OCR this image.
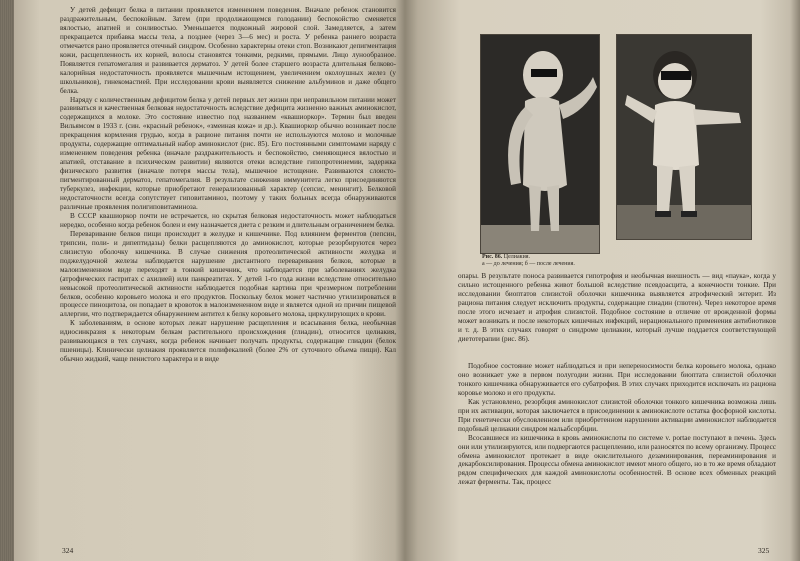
У детей дефицит белка в питании проявляется изменением поведения. Вначале ребенок становится раздражительным, беспокойным. Затем (при продолжающемся голодании) беспокойство сменяется вялостью, апатией и сонливостью. Уменьшается подкожный жировой слой. Замедляется, а затем прекращается прибавка массы тела, а позднее (через 3—6 мес) и роста. У ребенка раннего возраста отмечается рано проявляется отечный синдром. Особенно характерны отеки стоп. Возникают депигментация кожи, расщепленность их корней, волосы становятся тонкими, редкими, прямыми. Лицо лунообразное. Появляется гепатомегалия и развивается дерматоз. У детей более старшего возраста длительная белково-калорийная недостаточность проявляется мышечным истощением, увеличением околоушных желез (у школьников), гинекомастией. При исследовании крови выявляется снижение альбуминов и даже общего белка.

Наряду с количественным дефицитом белка у детей первых лет жизни при неправильном питании может развиваться и качественная белковая недостаточность вследствие дефицита жизненно важных аминокислот, содержащихся в молоке. Это состояние известно под названием «квашиоркор». Термин был введен Вильямсом в 1933 г. (син. «красный ребенок», «змеиная кожа» и др.). Квашиоркор обычно возникает после прекращения кормления грудью, когда в рационе питания почти не используются молоко и молочные продукты, содержащие оптимальный набор аминокислот (рис. 85). Его постоянными симптомами наряду с изменением поведения ребенка (вначале раздражительность и беспокойство, сменяющиеся вялостью и апатией, отставание в психическом развитии) являются отеки вследствие гипопротеинемии, задержка физического развития (вначале потеря массы тела), мышечное истощение. Развиваются слоисто-пигментированный дерматоз, гепатомегалия. В результате снижения иммунитета легко присоединяются туберкулез, инфекции, которые приобретают генерализованный характер (сепсис, менингит). Белковой недостаточности всегда сопутствует гиповитаминоз, поэтому у таких больных всегда обнаруживаются различные проявления полигиповитаминоза.

В СССР квашиоркор почти не встречается, но скрытая белковая недостаточность может наблюдаться нередко, особенно когда ребенок болен и ему назначается диета с резким и длительным ограничением белка.

Переваривание белков пищи происходит в желудке и кишечнике. Под влиянием ферментов (пепсин, трипсин, поли- и дипептидазы) белки расщепляются до аминокислот, которые резорбируются через слизистую оболочку кишечника. В случае снижения протеолитической активности желудка и поджелудочной железы наблюдается нарушение дистантного переваривания белков, которые в малоизмененном виде переходят в тонкий кишечник, что наблюдается при заболеваниях желудка (атрофических гастритах с ахилией) или панкреатитах. У детей 1-го года жизни вследствие относительно невысокой протеолитической активности наблюдается подобная картина при чрезмерном потреблении белков, особенно коровьего молока и его продуктов. Поскольку белок может частично утилизироваться в процессе пиноцитоза, он попадает в кровоток в малоизмененном виде и является одной из причин пищевой аллергии, что подтверждается обнаружением антител к белку коровьего молока, циркулирующих в крови.

К заболеваниям, в основе которых лежат нарушение расщепления и всасывания белка, необычная идиосинкразия к некоторым белкам растительного происхождения (глиадин), относится целиакия, развивающаяся в тех случаях, когда ребенок начинает получать продукты, содержащие глиадин (белок пшеницы). Клинически целиакия проявляется полифекалией (более 2% от суточного объема пищи). Кал обычно жидкий, чаще пенистого характера и в виде

324
Рис. 86. Целиакия.
а — до лечения; б — после лечения.

опары. В результате поноса развивается гипотрофия и необычная внешность — вид «паука», когда у сильно истощенного ребенка живот большой вследствие псевдоасцита, а конечности тонкие. При исследовании биоптатов слизистой оболочки кишечника выявляется атрофический энтерит. Из рациона питания следует исключить продукты, содержащие глиадин (глютен). Через некоторое время после этого исчезает и атрофия слизистой. Подобное состояние в отличие от врожденной формы может возникать и после некоторых кишечных инфекций, нерационального применения антибиотиков и т. д. В этих случаях говорят о синдроме целиакии, который лучше поддается соответствующей диетотерапии (рис. 86).

Подобное состояние может наблюдаться и при непереносимости белка коровьего молока, однако оно возникает уже в первом полугодии жизни. При исследовании биоптата слизистой оболочки тонкого кишечника обнаруживается его субатрофия. В этих случаях приходится исключать из рациона коровье молоко и его продукты.

Как установлено, резорбция аминокислот слизистой оболочки тонкого кишечника возможна лишь при их активации, которая заключается в присоединении к аминокислоте остатка фосфорной кислоты. При генетически обусловленном или приобретенном нарушении активации аминокислот наблюдается подобный целиакии синдром мальабсорбции.

Всосавшиеся из кишечника в кровь аминокислоты по системе v. portae поступают в печень. Здесь они или утилизируются, или подвергаются расщеплению, или разносятся по всему организму. Процесс обмена аминокислот протекает в виде окислительного дезаминирования, переаминирования и декарбоксилирования. Процессы обмена аминокислот имеют много общего, но в то же время обладают рядом специфических для каждой аминокислоты особенностей. В основе всех обменных реакций лежат ферменты. Так, процесс

325
